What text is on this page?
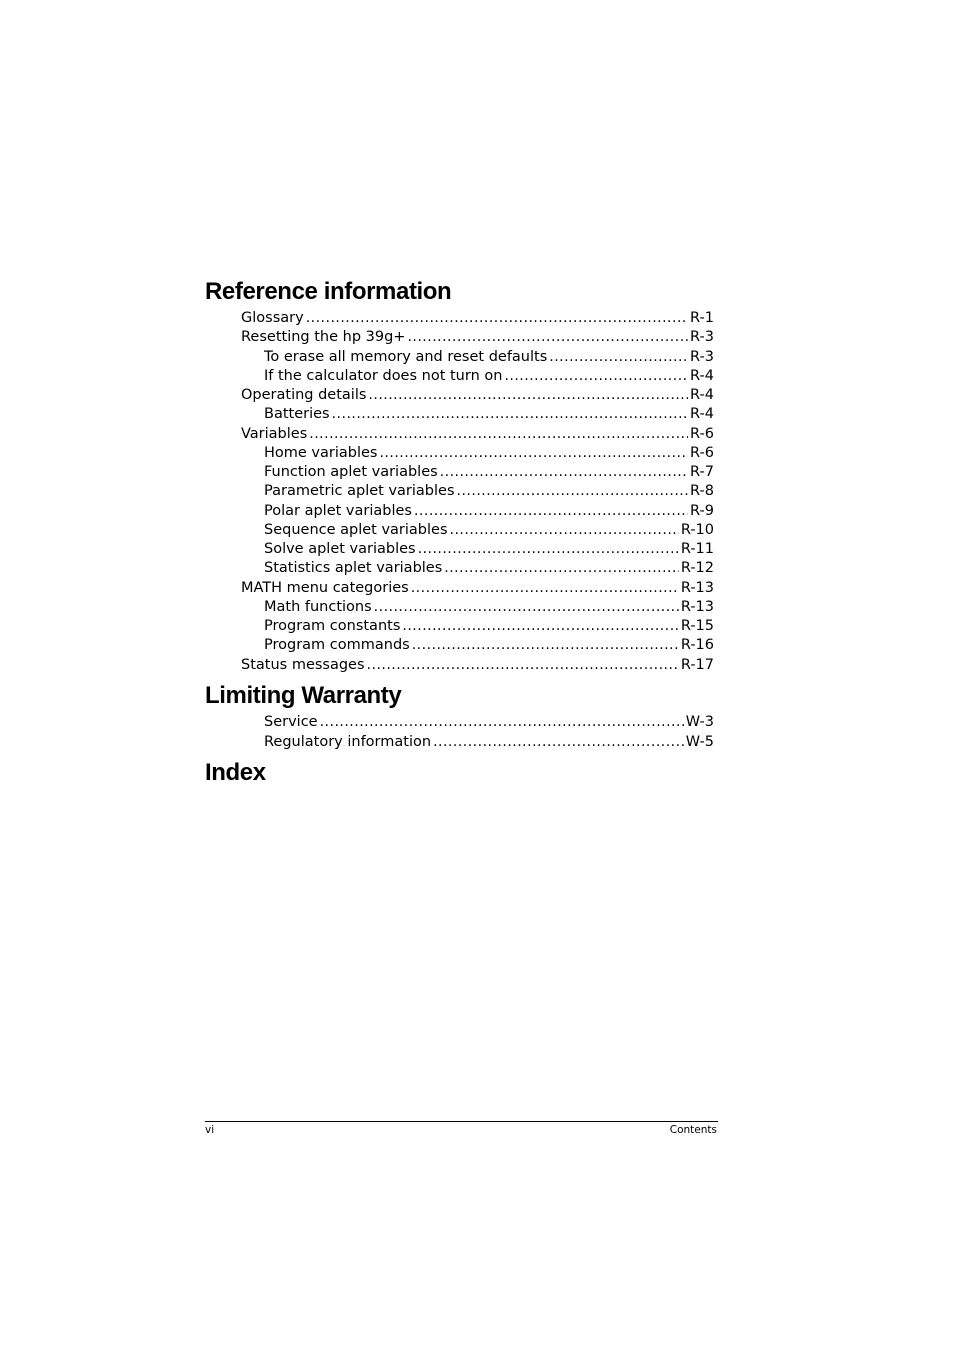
Reference information
Glossary .....	R-1
Resetting the hp 39g+ .....	R-3
To erase all memory and reset defaults .....	R-3
If the calculator does not turn on .....	R-4
Operating details .....	R-4
Batteries .....	R-4
Variables .....	R-6
Home variables .....	R-6
Function aplet variables .....	R-7
Parametric aplet variables .....	R-8
Polar aplet variables .....	R-9
Sequence aplet variables .....	R-10
Solve aplet variables .....	R-11
Statistics aplet variables .....	R-12
MATH menu categories .....	R-13
Math functions .....	R-13
Program constants .....	R-15
Program commands .....	R-16
Status messages .....	R-17
Limiting Warranty
Service .....	W-3
Regulatory information .....	W-5
Index
vi	Contents
